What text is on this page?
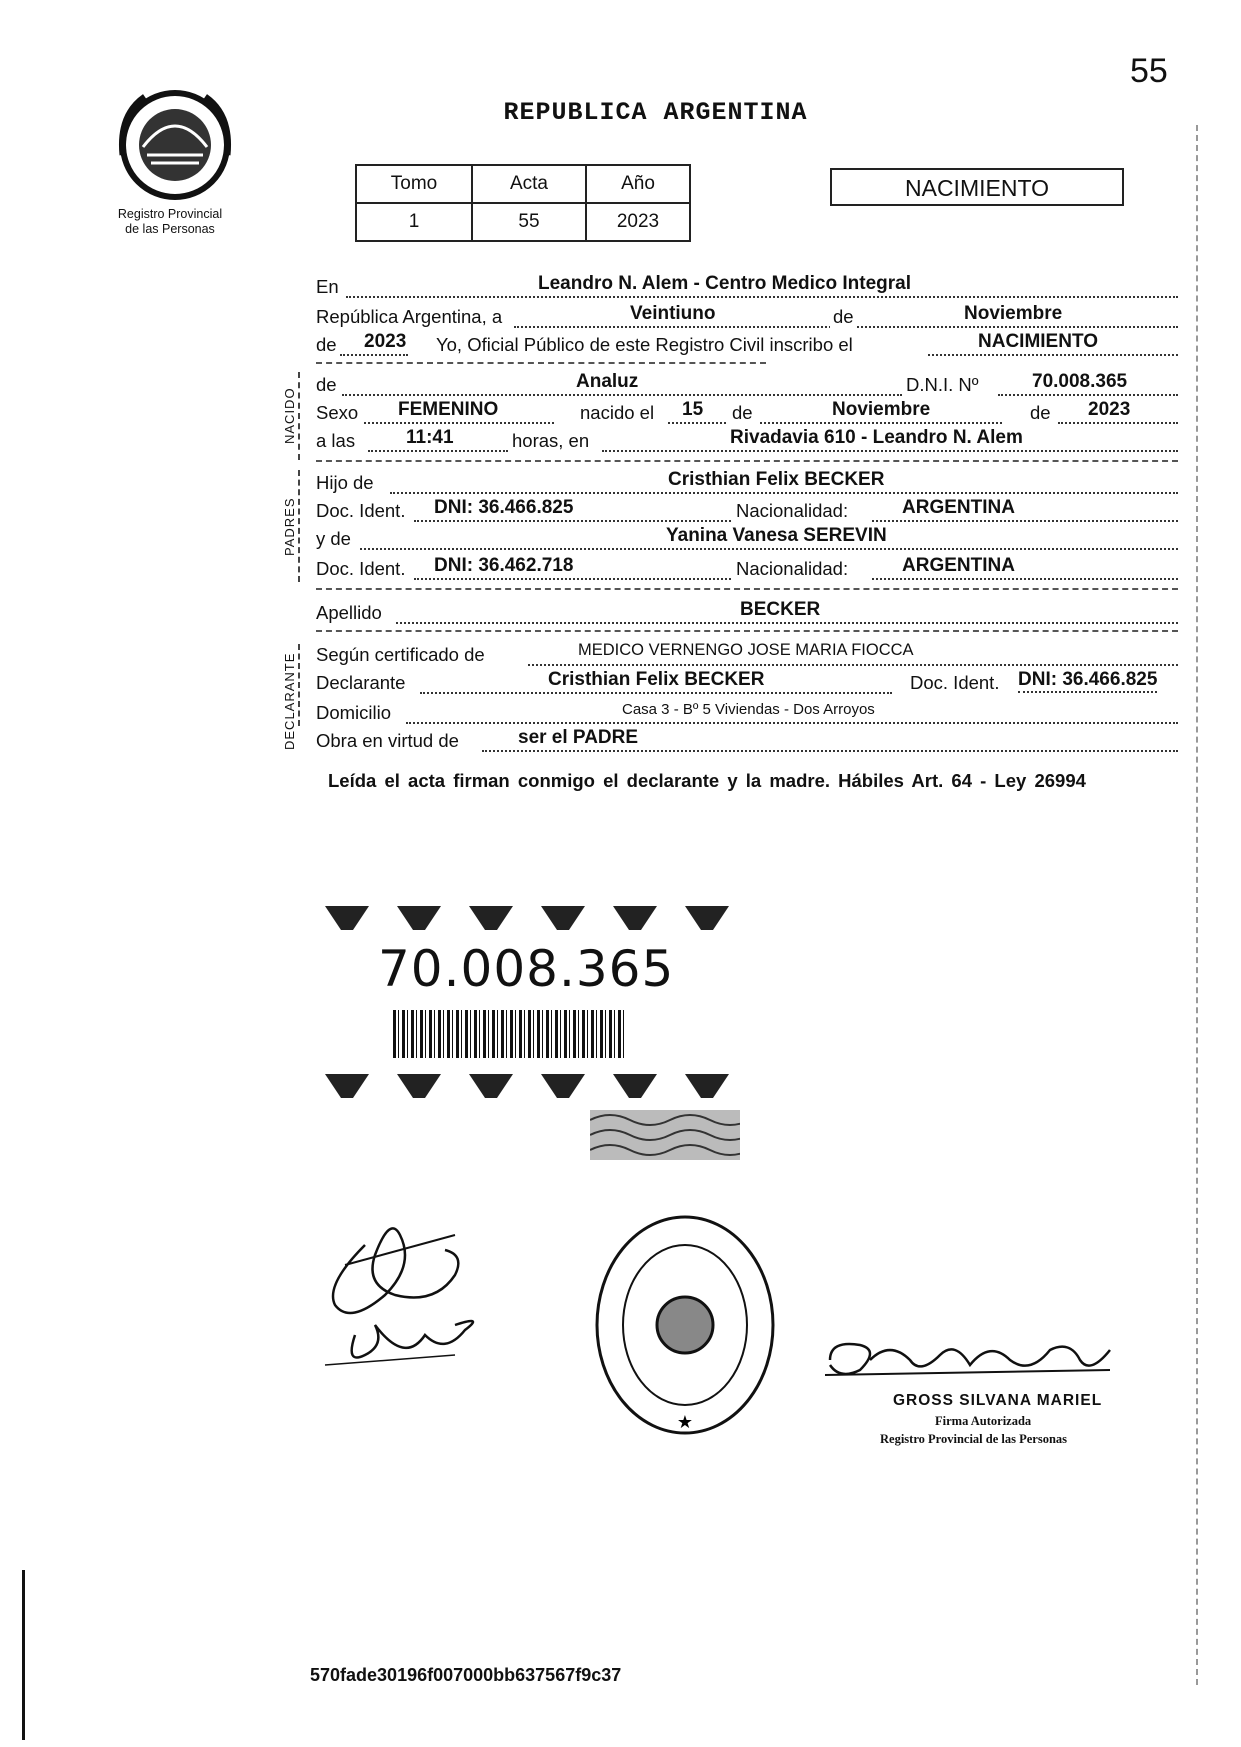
55
Registro Provincial
de las Personas
REPUBLICA ARGENTINA
Tomo	Acta	Año
1	55	2023
NACIMIENTO
En	Leandro N. Alem - Centro Medico Integral
República Argentina, a	Veintiuno	de	Noviembre
de 2023 Yo, Oficial Público de este Registro Civil inscribo el	NACIMIENTO
de	Analuz	D.N.I. Nº	70.008.365
Sexo FEMENINO	nacido el 15 de	Noviembre	de 2023
a las	11:41	horas, en	Rivadavia 610 - Leandro N. Alem
Hijo de	Cristhian Felix BECKER
Doc. Ident. DNI: 36.466.825	Nacionalidad:	ARGENTINA
y de	Yanina Vanesa SEREVIN
Doc. Ident. DNI: 36.462.718	Nacionalidad:	ARGENTINA
Apellido	BECKER
Según certificado de	MEDICO VERNENGO JOSE MARIA FIOCCA
Declarante	Cristhian Felix BECKER	Doc. Ident. DNI: 36.466.825
Domicilio	Casa 3 - Bº 5 Viviendas - Dos Arroyos
Obra en virtud de	ser el PADRE
NACIDO
PADRES
DECLARANTE
Leída el acta firman conmigo el declarante y la madre. Hábiles Art. 64 - Ley 26994
70.008.365
★
GROSS SILVANA MARIEL
Firma Autorizada
Registro Provincial de las Personas
570fade30196f007000bb637567f9c37
